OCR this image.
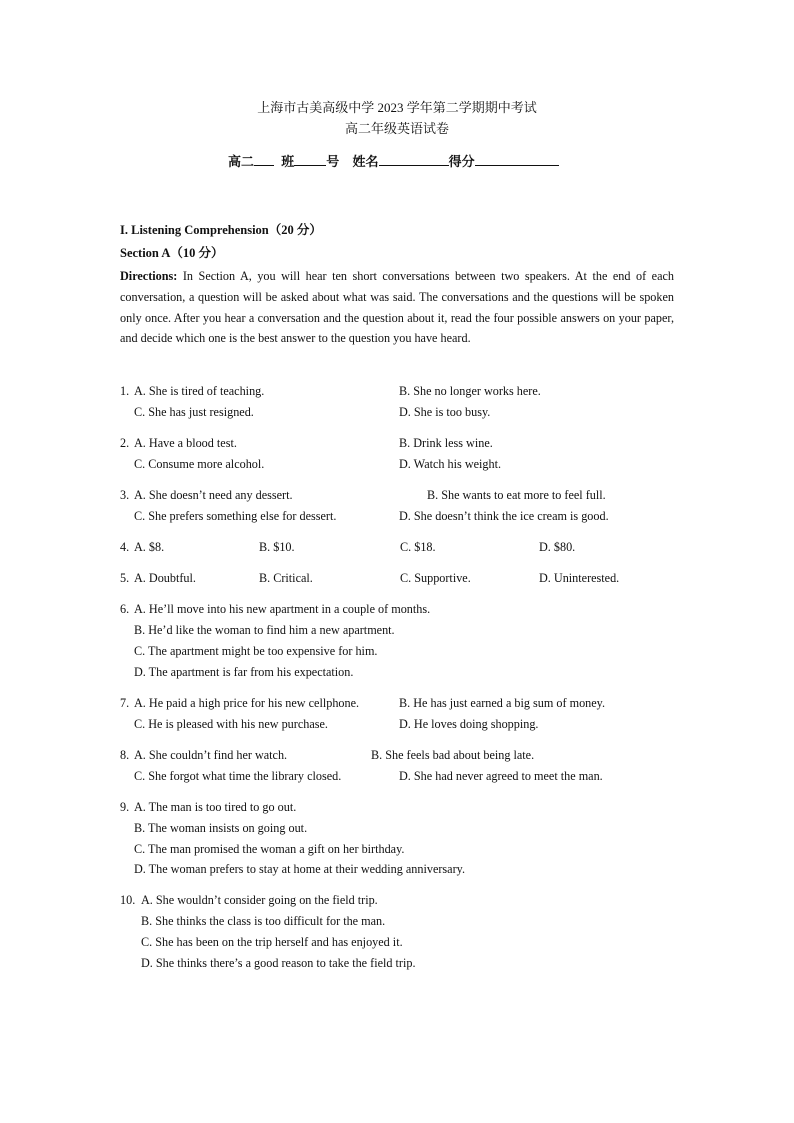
上海市古美高级中学 2023 学年第二学期期中考试
高二年级英语试卷
高二 班 号 姓名	得分
I. Listening Comprehension（20 分）
Section A（10 分）
Directions: In Section A, you will hear ten short conversations between two speakers. At the end of each conversation, a question will be asked about what was said. The conversations and the questions will be spoken only once. After you hear a conversation and the question about it, read the four possible answers on your paper, and decide which one is the best answer to the question you have heard.
1. A. She is tired of teaching.	B. She no longer works here.
C. She has just resigned.	D. She is too busy.
2. A. Have a blood test.	B. Drink less wine.
C. Consume more alcohol.	D. Watch his weight.
3. A. She doesn’t need any dessert.	B. She wants to eat more to feel full.
C. She prefers something else for dessert.	D. She doesn’t think the ice cream is good.
4. A. $8.	B. $10.	C. $18.	D. $80.
5. A. Doubtful.	B. Critical.	C. Supportive.	D. Uninterested.
6. A. He’ll move into his new apartment in a couple of months.
B. He’d like the woman to find him a new apartment.
C. The apartment might be too expensive for him.
D. The apartment is far from his expectation.
7. A. He paid a high price for his new cellphone.	B. He has just earned a big sum of money.
C. He is pleased with his new purchase.	D. He loves doing shopping.
8. A. She couldn’t find her watch.	B. She feels bad about being late.
C. She forgot what time the library closed.	D. She had never agreed to meet the man.
9. A. The man is too tired to go out.
B. The woman insists on going out.
C. The man promised the woman a gift on her birthday.
D. The woman prefers to stay at home at their wedding anniversary.
10. A. She wouldn’t consider going on the field trip.
B. She thinks the class is too difficult for the man.
C. She has been on the trip herself and has enjoyed it.
D. She thinks there’s a good reason to take the field trip.
